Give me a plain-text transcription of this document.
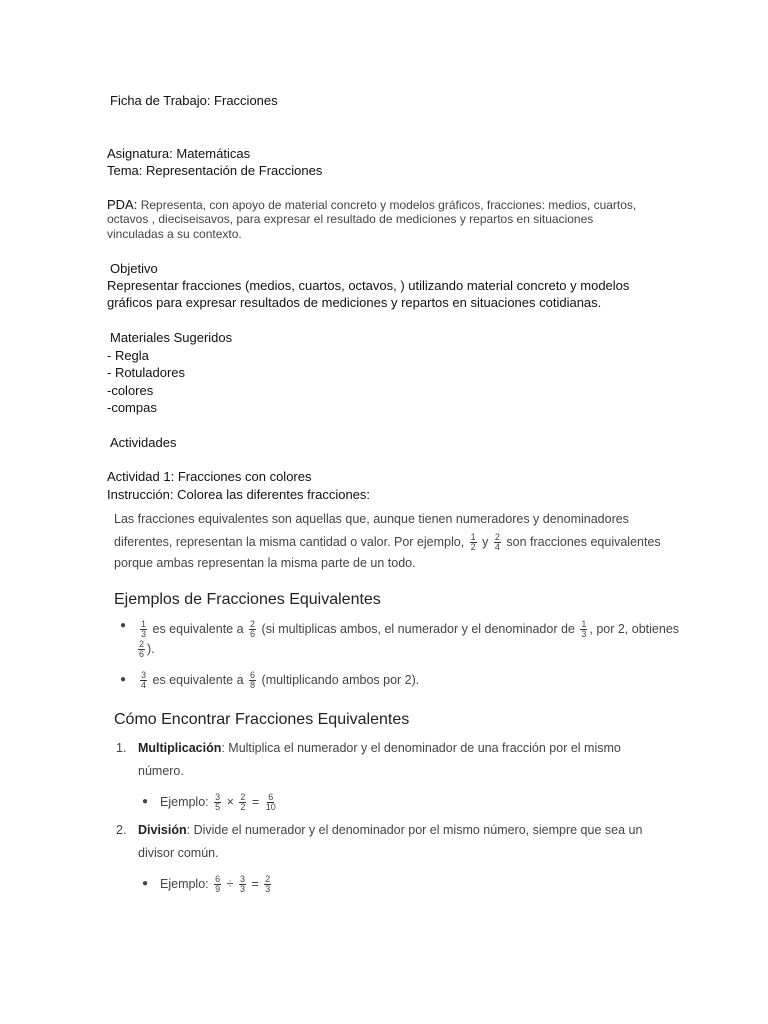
Ficha de Trabajo: Fracciones
Asignatura: Matemáticas
Tema: Representación de Fracciones
PDA: Representa, con apoyo de material concreto y modelos gráficos, fracciones: medios, cuartos,
octavos , dieciseisavos, para expresar el resultado de mediciones y repartos en situaciones
vinculadas a su contexto.
Objetivo
Representar fracciones (medios, cuartos, octavos, ) utilizando material concreto y modelos
gráficos para expresar resultados de mediciones y repartos en situaciones cotidianas.
Materiales Sugeridos
- Regla
- Rotuladores
-colores
-compas
Actividades
Actividad 1: Fracciones con colores
Instrucción: Colorea las diferentes fracciones:
Las fracciones equivalentes son aquellas que, aunque tienen numeradores y denominadores
diferentes, representan la misma cantidad o valor. Por ejemplo, $\frac{1}{2}$ y $\frac{2}{4}$ son fracciones equivalentes
porque ambas representan la misma parte de un todo.
Ejemplos de Fracciones Equivalentes
● $\frac{1}{3}$ es equivalente a $\frac{2}{6} (si$ multiplicas ambos, el numerador y el denominador de $\frac{1}{3}$ , por 2, obtienes
$\frac{2}{6}$ ).
● $\frac{3}{4}$ es equivalente a $\frac{6}{8}$ (multiplicando ambos por 2).
Cómo Encontrar Fracciones Equivalentes
1. Multiplicación: Multiplica el numerador y el denominador de una fracción por el mismo
número.
● Ejemplo: $\frac{3}{5} \times \frac{2}{2} = \frac{6}{10}$
2. División: Divide el numerador y el denominador por el mismo número, siempre que sea un
divisor común.
● Ejemplo: $\frac{6}{9} \div \frac{3}{3} = \frac{2}{3}$
